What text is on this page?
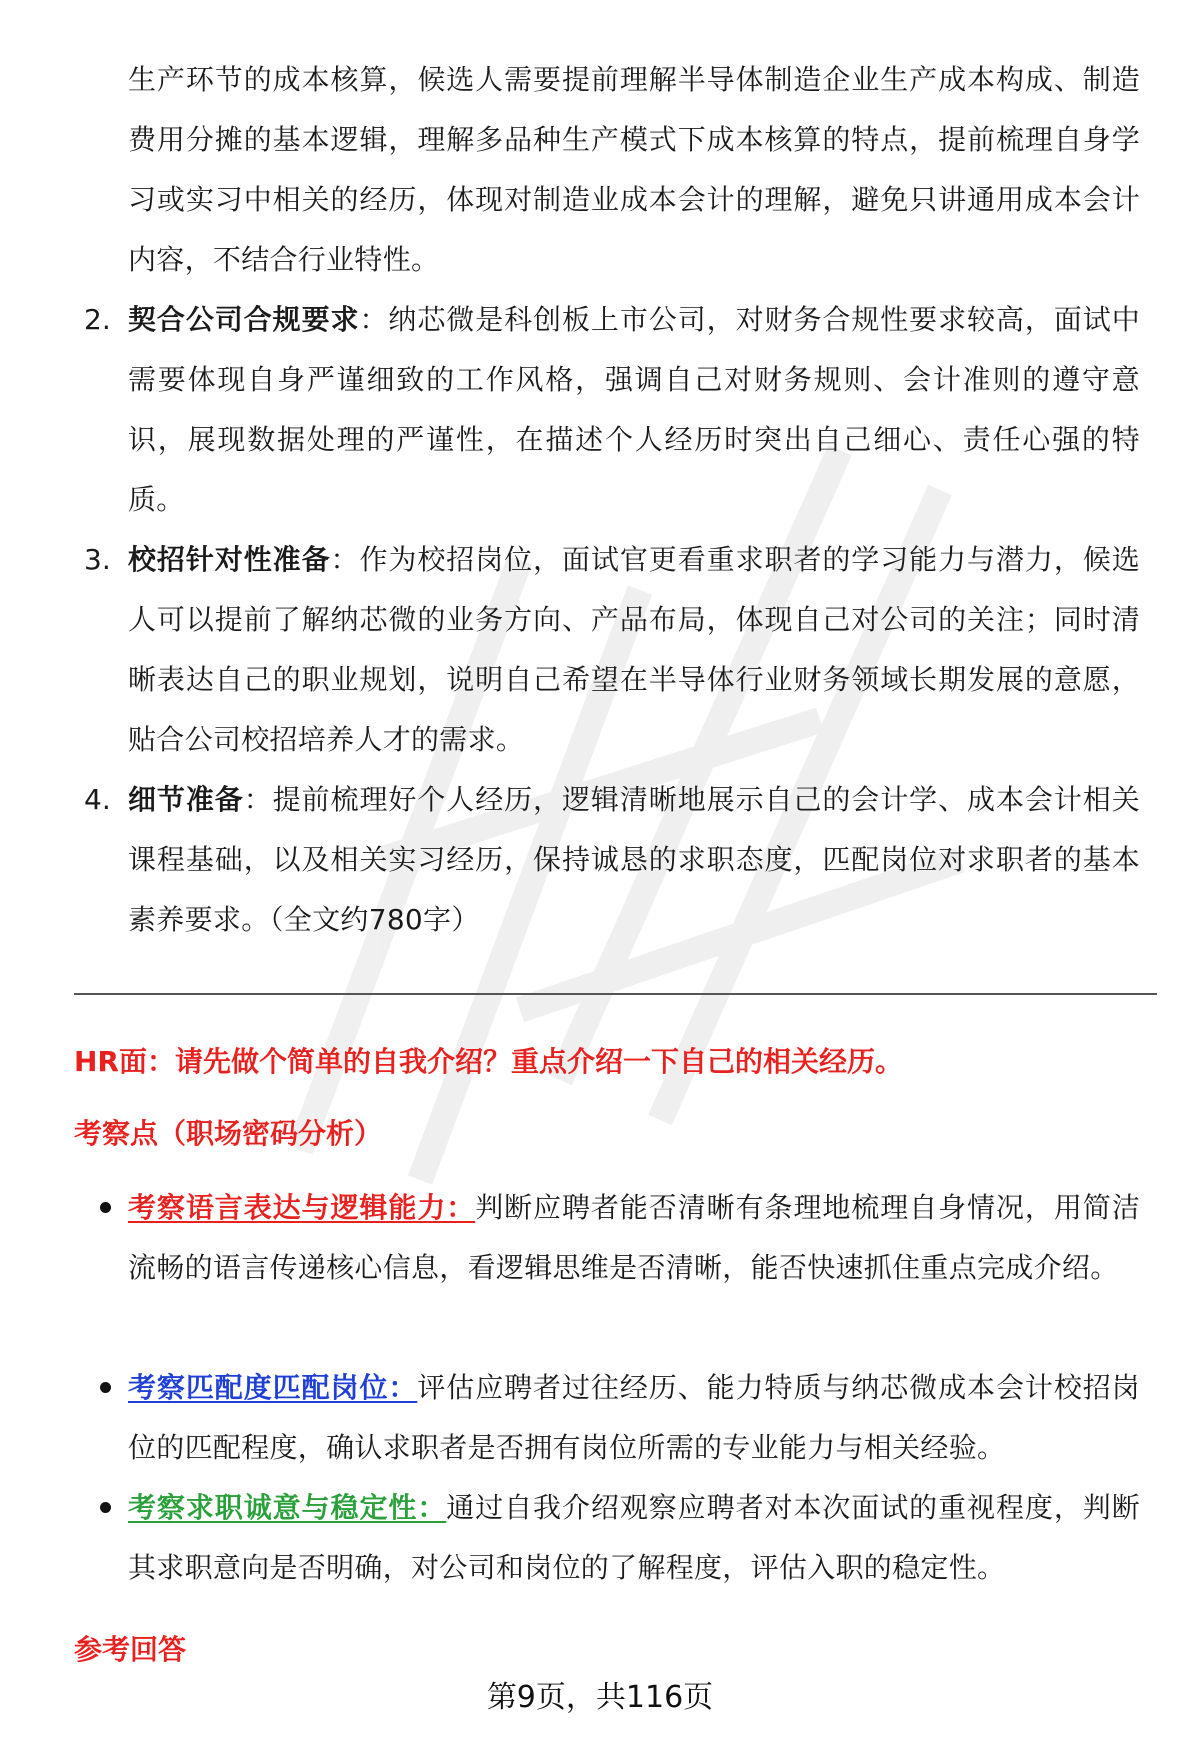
生产环节的成本核算，候选人需要提前理解半导体制造企业生产成本构成、制造费用分摊的基本逻辑，理解多品种生产模式下成本核算的特点，提前梳理自身学习或实习中相关的经历，体现对制造业成本会计的理解，避免只讲通用成本会计内容，不结合行业特性。

2. 契合公司合规要求：纳芯微是科创板上市公司，对财务合规性要求较高，面试中需要体现自身严谨细致的工作风格，强调自己对财务规则、会计准则的遵守意识，展现数据处理的严谨性，在描述个人经历时突出自己细心、责任心强的特质。
3. 校招针对性准备：作为校招岗位，面试官更看重求职者的学习能力与潜力，候选人可以提前了解纳芯微的业务方向、产品布局，体现自己对公司的关注；同时清晰表达自己的职业规划，说明自己希望在半导体行业财务领域长期发展的意愿，贴合公司校招培养人才的需求。
4. 细节准备：提前梳理好个人经历，逻辑清晰地展示自己的会计学、成本会计相关课程基础，以及相关实习经历，保持诚恳的求职态度，匹配岗位对求职者的基本素养要求。（全文约780字）
HR面：请先做个简单的自我介绍？重点介绍一下自己的相关经历。
考察点（职场密码分析）
考察语言表达与逻辑能力：判断应聘者能否清晰有条理地梳理自身情况，用简洁流畅的语言传递核心信息，看逻辑思维是否清晰，能否快速抓住重点完成介绍。
考察匹配度匹配岗位：评估应聘者过往经历、能力特质与纳芯微成本会计校招岗位的匹配程度，确认求职者是否拥有岗位所需的专业能力与相关经验。
考察求职诚意与稳定性：通过自我介绍观察应聘者对本次面试的重视程度，判断其求职意向是否明确，对公司和岗位的了解程度，评估入职的稳定性。
参考回答
第9页，共116页
